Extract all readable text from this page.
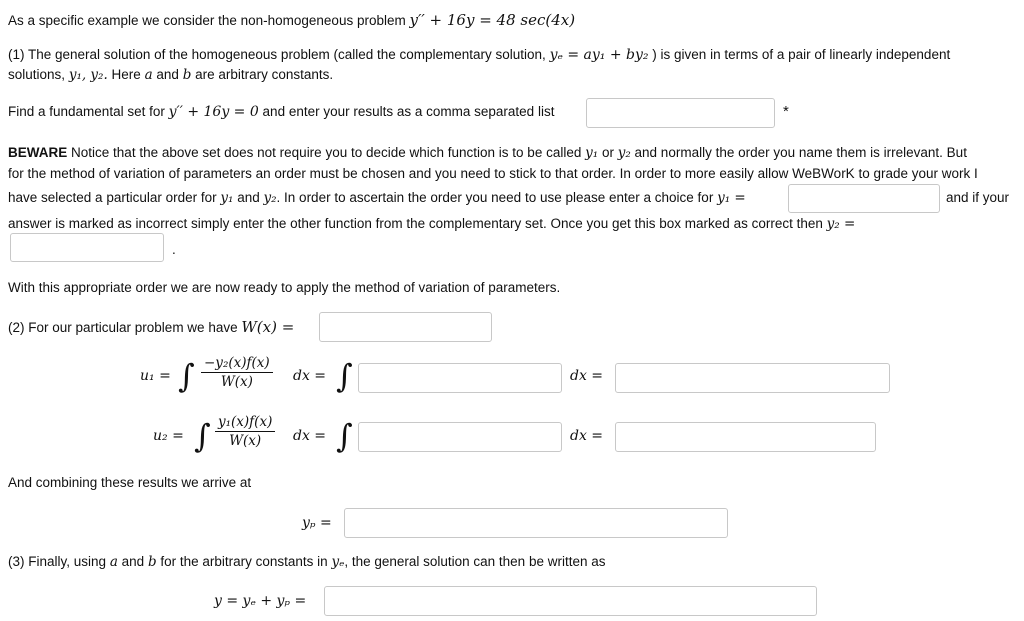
As a specific example we consider the non-homogeneous problem y′′ + 16y = 48 sec(4x)
(1) The general solution of the homogeneous problem (called the complementary solution, yₑ = ay₁ + by₂ ) is given in terms of a pair of linearly independent
solutions, y₁, y₂. Here a and b are arbitrary constants.
Find a fundamental set for y′′ + 16y = 0 and enter your results as a comma separated list	*
BEWARE Notice that the above set does not require you to decide which function is to be called y₁ or y₂ and normally the order you name them is irrelevant. But
for the method of variation of parameters an order must be chosen and you need to stick to that order. In order to more easily allow WeBWorK to grade your work I
have selected a particular order for y₁ and y₂. In order to ascertain the order you need to use please enter a choice for y₁ =	and if your
answer is marked as incorrect simply enter the other function from the complementary set. Once you get this box marked as correct then y₂ =
.
With this appropriate order we are now ready to apply the method of variation of parameters.
(2) For our particular problem we have W(x) =
u₁ = ∫ $\frac{\text{−y₂(x)f(x)}}{W(x)}$ dx = ∫	dx =
u₂ = ∫ $\frac{\text{y₁(x)f(x)}}{W(x)}$ dx = ∫	dx =
And combining these results we arrive at
yₚ =
(3) Finally, using a and b for the arbitrary constants in yₑ, the general solution can then be written as
y = yₑ + yₚ =
